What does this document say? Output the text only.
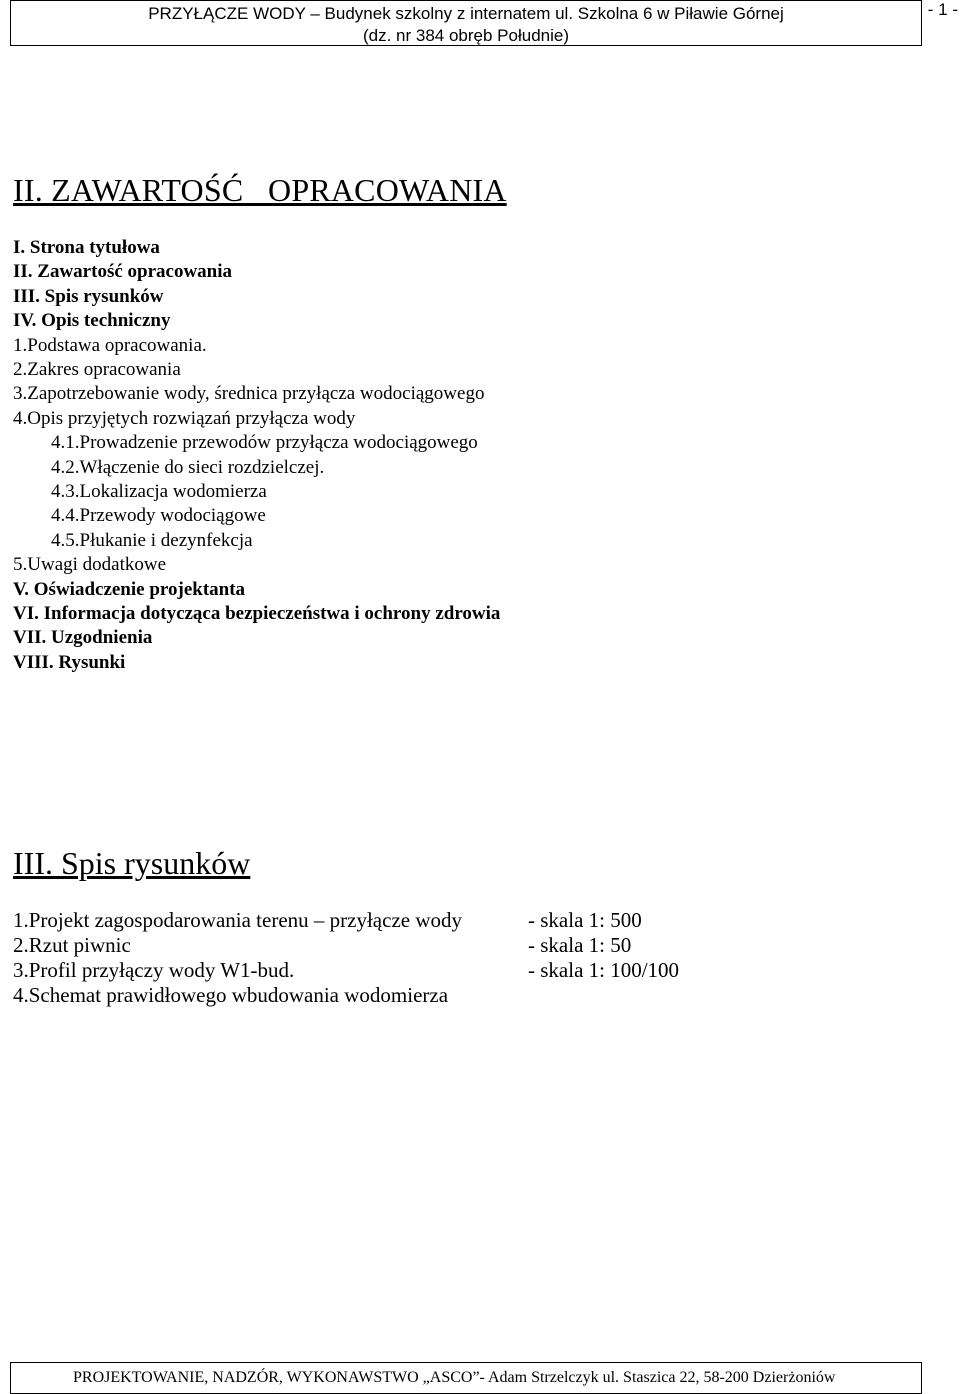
PRZYŁĄCZE WODY – Budynek szkolny z internatem ul. Szkolna 6 w Piławie Górnej
(dz. nr 384 obręb Południe)
- 1 -
II. ZAWARTOŚĆ   OPRACOWANIA
I. Strona tytułowa
II. Zawartość opracowania
III. Spis rysunków
IV. Opis techniczny
1.Podstawa opracowania.
2.Zakres opracowania
3.Zapotrzebowanie wody, średnica przyłącza wodociągowego
4.Opis przyjętych rozwiązań przyłącza wody
4.1.Prowadzenie przewodów przyłącza wodociągowego
4.2.Włączenie do sieci rozdzielczej.
4.3.Lokalizacja wodomierza
4.4.Przewody wodociągowe
4.5.Płukanie i dezynfekcja
5.Uwagi dodatkowe
V. Oświadczenie projektanta
VI. Informacja dotycząca bezpieczeństwa i ochrony zdrowia
VII. Uzgodnienia
VIII. Rysunki
III. Spis rysunków
1.Projekt zagospodarowania terenu – przyłącze wody	- skala 1: 500
2.Rzut piwnic	- skala 1: 50
3.Profil przyłączy wody W1-bud.	- skala 1: 100/100
4.Schemat prawidłowego wbudowania wodomierza
PROJEKTOWANIE, NADZÓR, WYKONAWSTWO „ASCO”- Adam Strzelczyk ul. Staszica 22, 58-200 Dzierżoniów
